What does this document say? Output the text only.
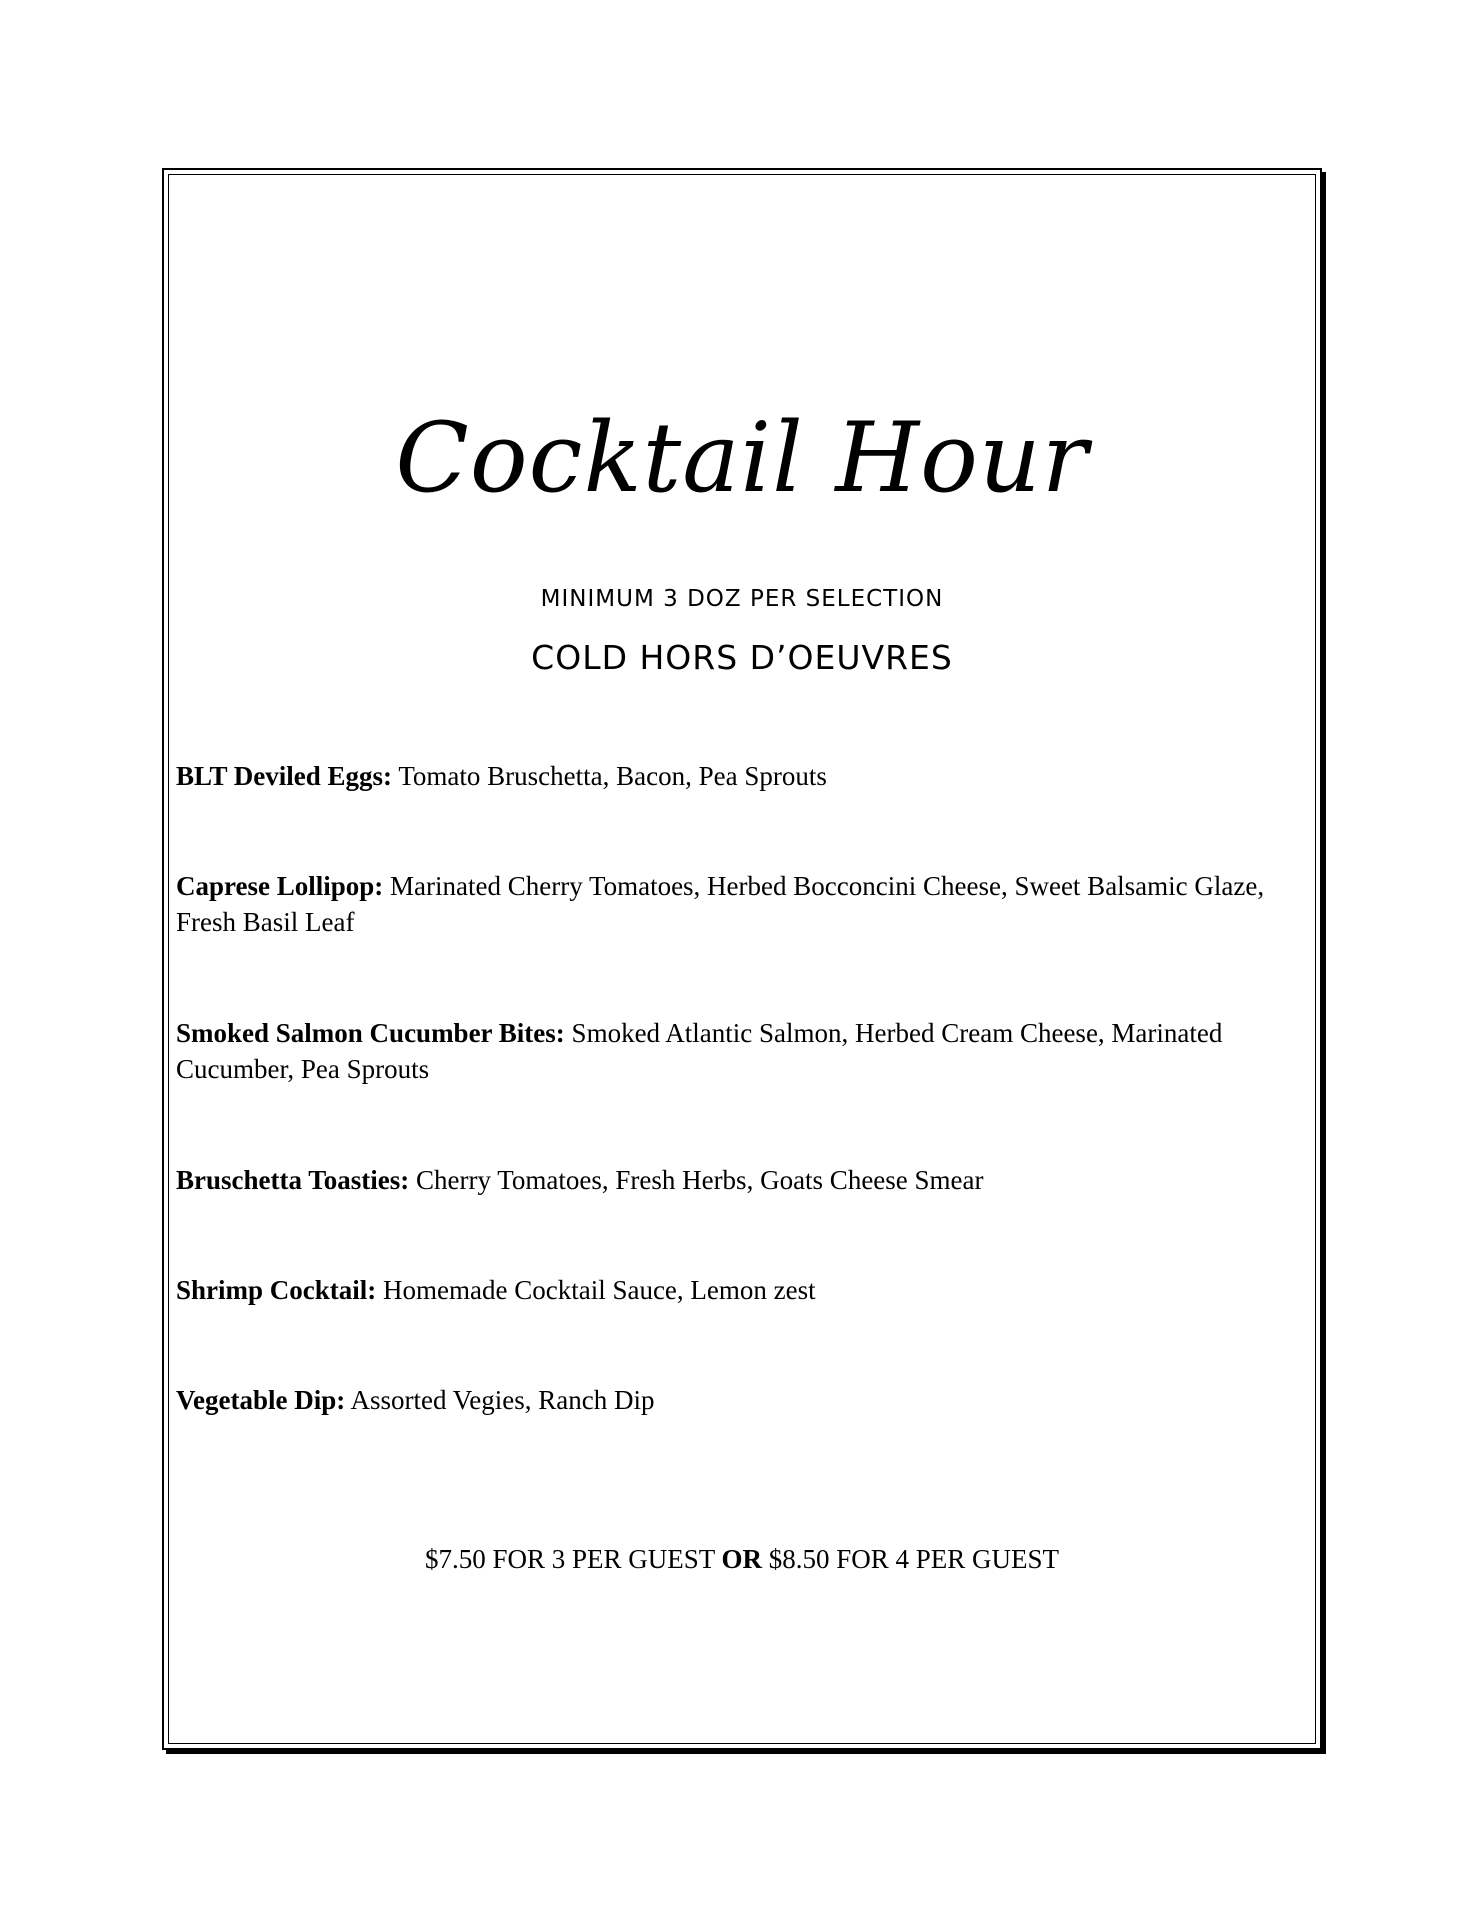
Cocktail Hour
MINIMUM 3 DOZ PER SELECTION
COLD HORS D’OEUVRES
BLT Deviled Eggs: Tomato Bruschetta, Bacon, Pea Sprouts
Caprese Lollipop: Marinated Cherry Tomatoes, Herbed Bocconcini Cheese, Sweet Balsamic Glaze, Fresh Basil Leaf
Smoked Salmon Cucumber Bites: Smoked Atlantic Salmon, Herbed Cream Cheese, Marinated Cucumber, Pea Sprouts
Bruschetta Toasties: Cherry Tomatoes, Fresh Herbs, Goats Cheese Smear
Shrimp Cocktail: Homemade Cocktail Sauce, Lemon zest
Vegetable Dip: Assorted Vegies, Ranch Dip
$7.50 FOR 3 PER GUEST OR $8.50 FOR 4 PER GUEST
